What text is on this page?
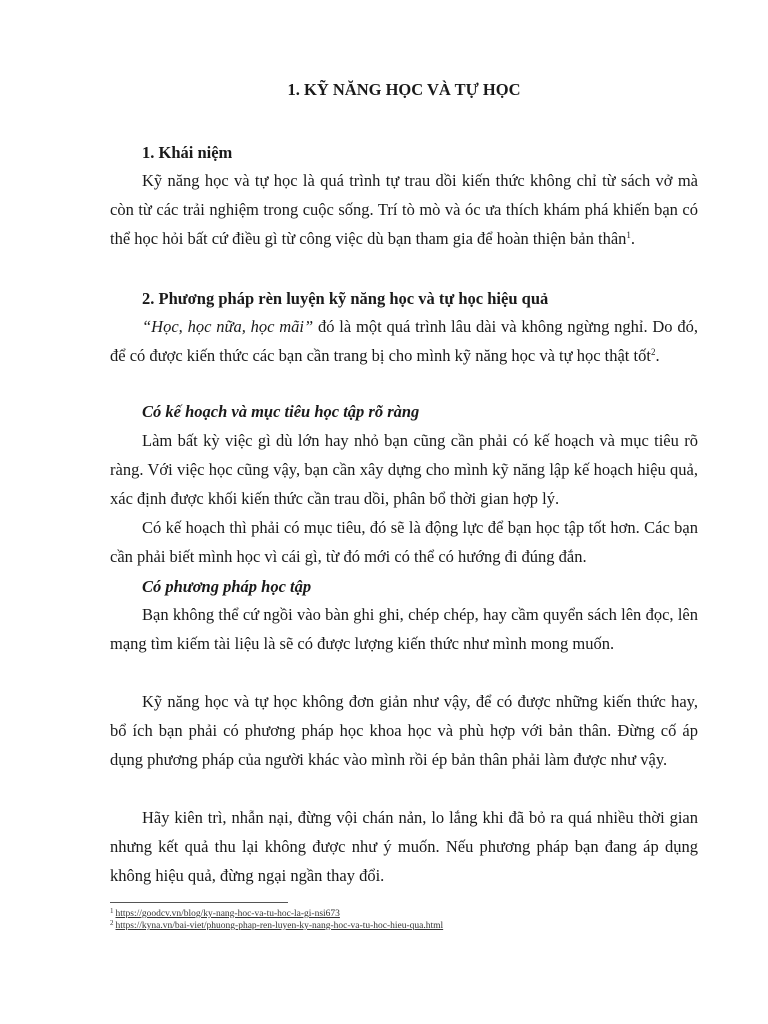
1. KỸ NĂNG HỌC VÀ TỰ HỌC
1. Khái niệm
Kỹ năng học và tự học là quá trình tự trau dồi kiến thức không chỉ từ sách vở mà còn từ các trải nghiệm trong cuộc sống. Trí tò mò và óc ưa thích khám phá khiến bạn có thể học hỏi bất cứ điều gì từ công việc dù bạn tham gia để hoàn thiện bản thân$^1$.
2. Phương pháp rèn luyện kỹ năng học và tự học hiệu quả
“Học, học nữa, học mãi” đó là một quá trình lâu dài và không ngừng nghỉ. Do đó, để có được kiến thức các bạn cần trang bị cho mình kỹ năng học và tự học thật tốt$^2$.
Có kế hoạch và mục tiêu học tập rõ ràng
Làm bất kỳ việc gì dù lớn hay nhỏ bạn cũng cần phải có kế hoạch và mục tiêu rõ ràng. Với việc học cũng vậy, bạn cần xây dựng cho mình kỹ năng lập kế hoạch hiệu quả, xác định được khối kiến thức cần trau dồi, phân bổ thời gian hợp lý.
Có kế hoạch thì phải có mục tiêu, đó sẽ là động lực để bạn học tập tốt hơn. Các bạn cần phải biết mình học vì cái gì, từ đó mới có thể có hướng đi đúng đắn.
Có phương pháp học tập
Bạn không thể cứ ngồi vào bàn ghi ghi, chép chép, hay cầm quyển sách lên đọc, lên mạng tìm kiếm tài liệu là sẽ có được lượng kiến thức như mình mong muốn.
Kỹ năng học và tự học không đơn giản như vậy, để có được những kiến thức hay, bổ ích bạn phải có phương pháp học khoa học và phù hợp với bản thân. Đừng cố áp dụng phương pháp của người khác vào mình rồi ép bản thân phải làm được như vậy.
Hãy kiên trì, nhẫn nại, đừng vội chán nản, lo lắng khi đã bỏ ra quá nhiều thời gian nhưng kết quả thu lại không được như ý muốn. Nếu phương pháp bạn đang áp dụng không hiệu quả, đừng ngại ngần thay đổi.
$^1$ https://goodcv.vn/blog/ky-nang-hoc-va-tu-hoc-la-gi-nsi673
$^2$ https://kyna.vn/bai-viet/phuong-phap-ren-luyen-ky-nang-hoc-va-tu-hoc-hieu-qua.html
